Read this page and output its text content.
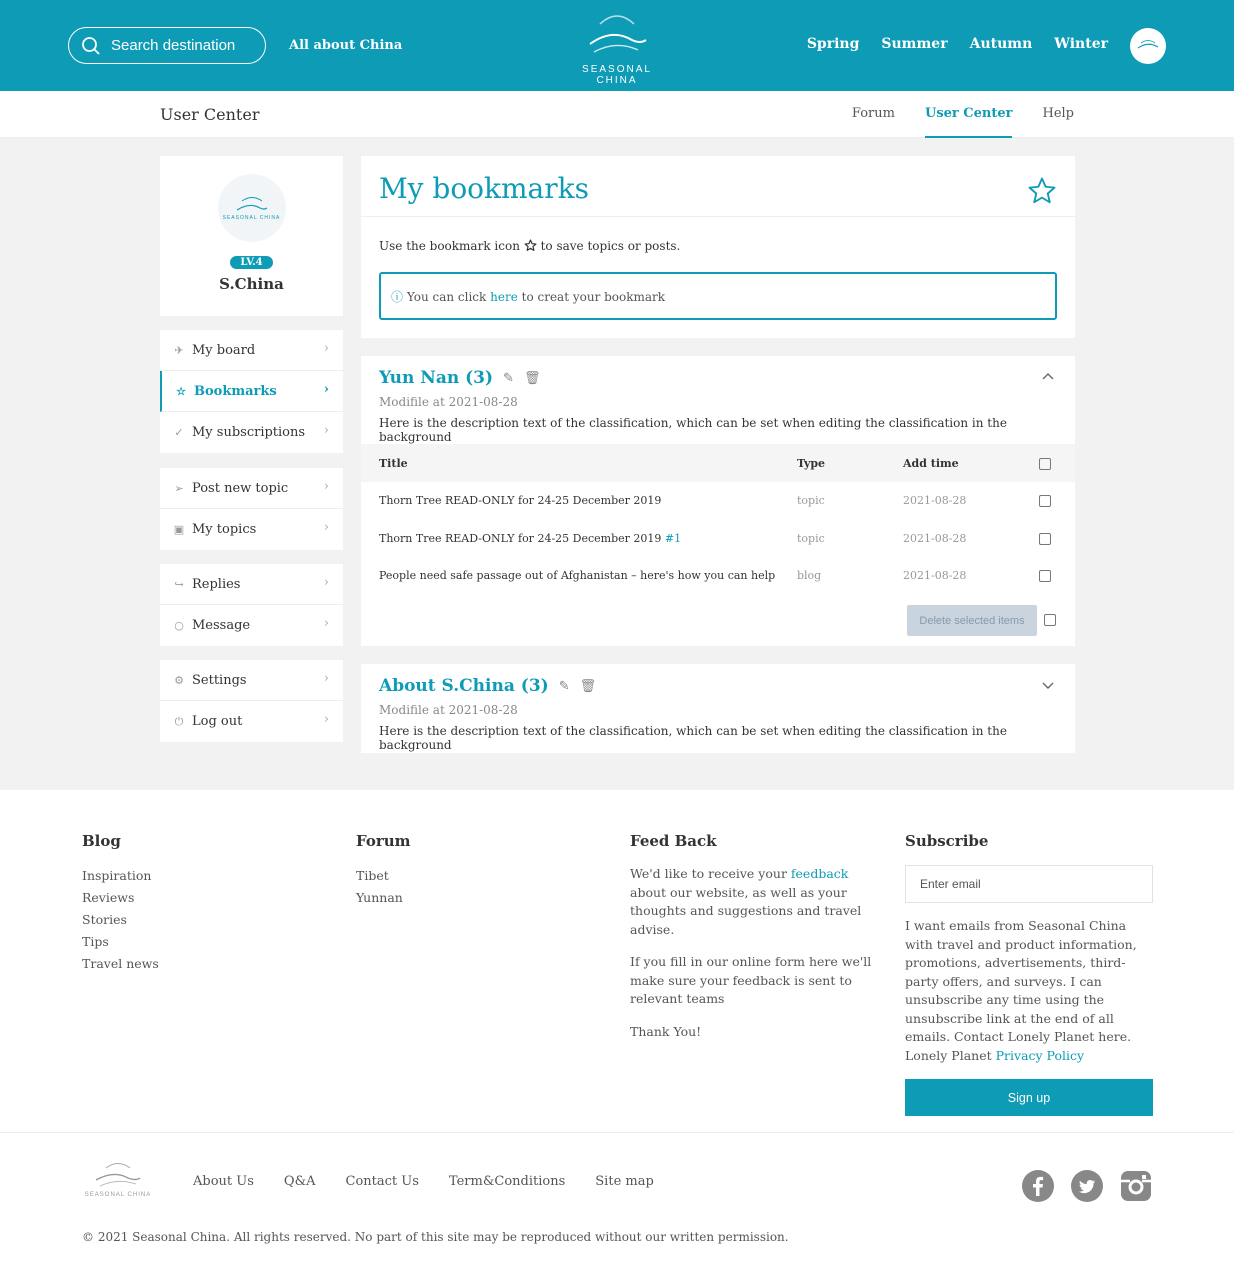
Search destination	All about China
SEASONAL CHINA
Spring Summer Autumn Winter
User Center	Forum User Center Help
SEASONAL CHINA
LV.4
S.China
✈ My board	›
☆ Bookmarks	›
✓ My subscriptions ›
➢ Post new topic	›
▣ My topics	›
↪ Replies	›
○ Message	›
⚙ Settings	›
⏻ Log out	›
My bookmarks
Use the bookmark icon to save topics or posts.
ⓘ You can click here to creat your bookmark
Yun Nan (3) ✎ 🗑
Modifile at 2021-08-28
Here is the description text of the classification, which can be set when editing the classification in the background
Title	Type	Add time	
Thorn Tree READ-ONLY for 24-25 December 2019	topic	2021-08-28	
Thorn Tree READ-ONLY for 24-25 December 2019 #1	topic	2021-08-28	
People need safe passage out of Afghanistan – here's how you can help	blog	2021-08-28	
Delete selected items
About S.China (3) ✎ 🗑
Modifile at 2021-08-28
Here is the description text of the classification, which can be set when editing the classification in the background
Blog
Inspiration
Reviews
Stories
Tips
Travel news
Forum
Tibet
Yunnan
Feed Back

We'd like to receive your feedback about our website, as well as your thoughts and suggestions and travel advise.

If you fill in our online form here we'll make sure your feedback is sent to relevant teams

Thank You!

Subscribe
Enter email

I want emails from Seasonal China with travel and product information, promotions, advertisements, third-party offers, and surveys. I can unsubscribe any time using the unsubscribe link at the end of all emails. Contact Lonely Planet here. Lonely Planet Privacy Policy

Sign up
SEASONAL CHINA
About Us Q&A Contact Us Term&Conditions Site map
© 2021 Seasonal China. All rights reserved. No part of this site may be reproduced without our written permission.
